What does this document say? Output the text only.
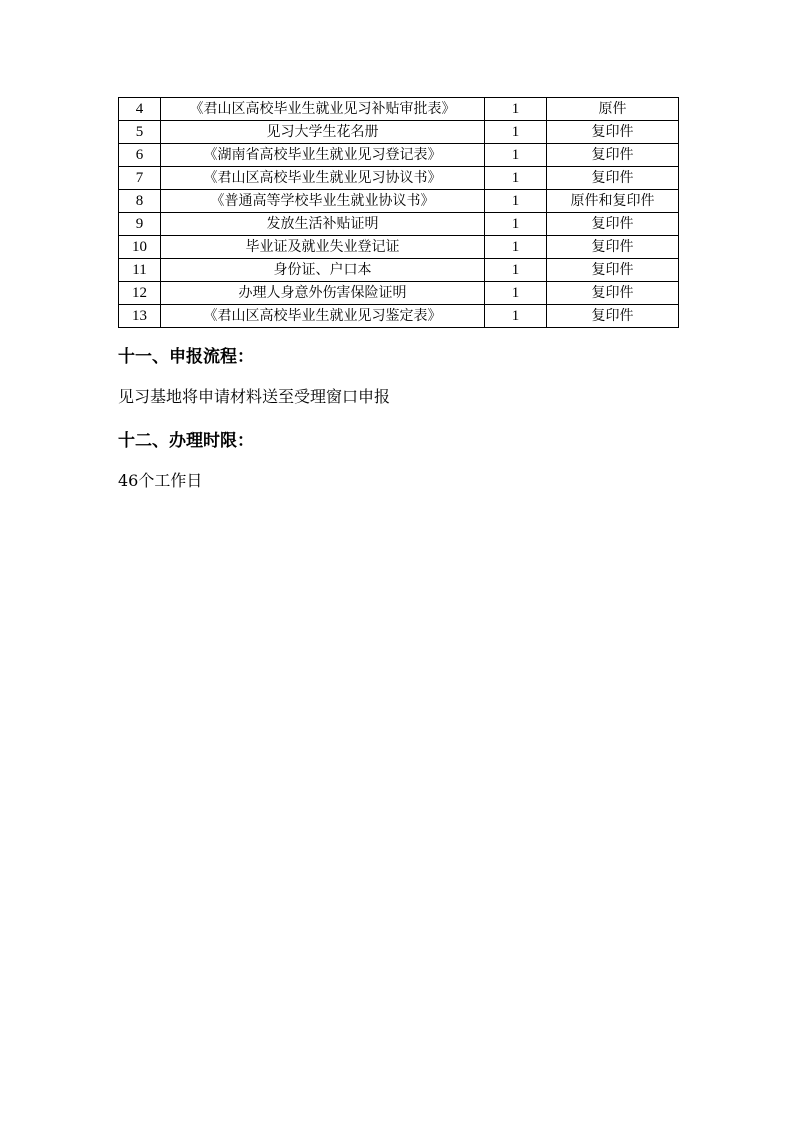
4	《君山区高校毕业生就业见习补贴审批表》	1	原件
5	见习大学生花名册	1	复印件
6	《湖南省高校毕业生就业见习登记表》	1	复印件
7	《君山区高校毕业生就业见习协议书》	1	复印件
8	《普通高等学校毕业生就业协议书》	1	原件和复印件
9	发放生活补贴证明	1	复印件
10	毕业证及就业失业登记证	1	复印件
11	身份证、户口本	1	复印件
12	办理人身意外伤害保险证明	1	复印件
13	《君山区高校毕业生就业见习鉴定表》	1	复印件
十一、申报流程：
见习基地将申请材料送至受理窗口申报
十二、办理时限：
46个工作日
